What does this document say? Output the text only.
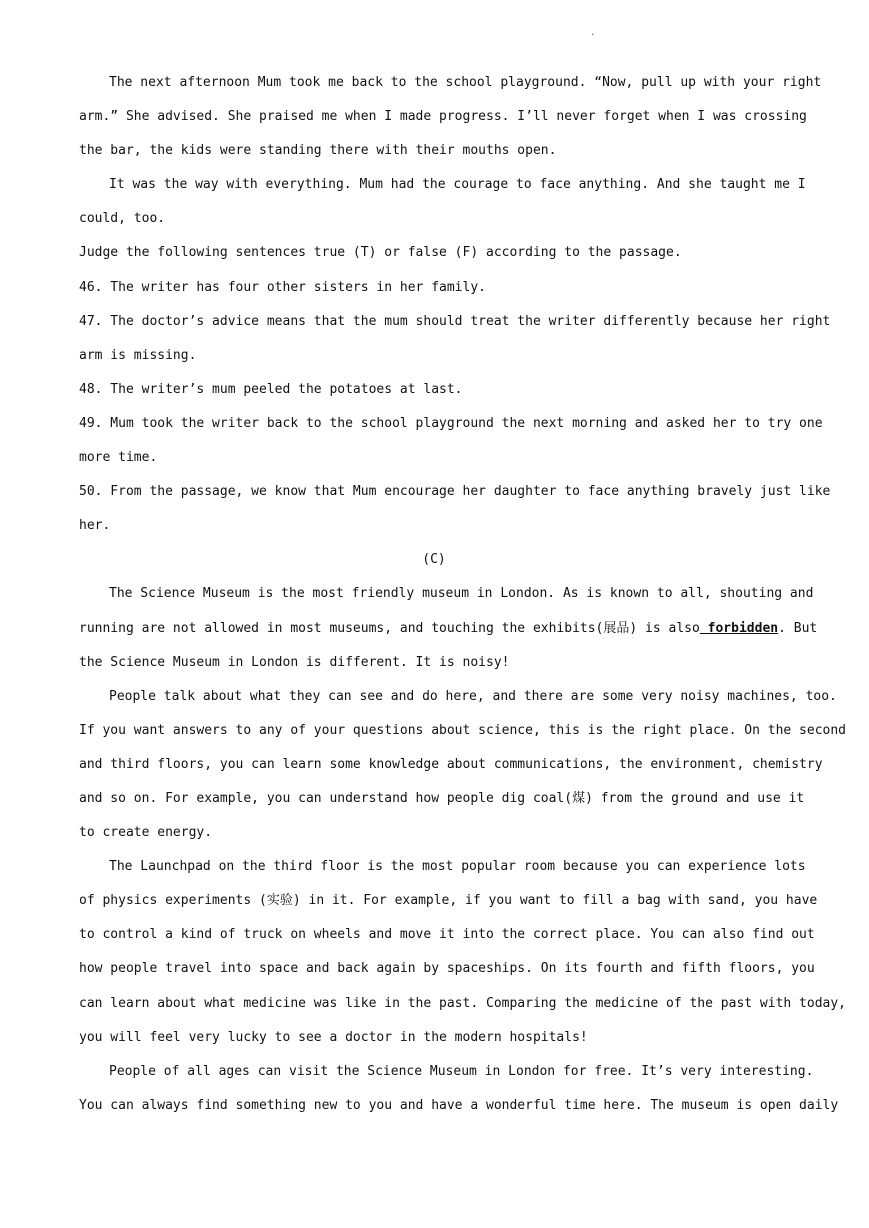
.
The next afternoon Mum took me back to the school playground. “Now, pull up with your right
arm.” She advised. She praised me when I made progress. I’ll never forget when I was crossing
the bar, the kids were standing there with their mouths open.
It was the way with everything. Mum had the courage to face anything. And she taught me I
could, too.
Judge the following sentences true (T) or false (F) according to the passage.
46. The writer has four other sisters in her family.
47. The doctor’s advice means that the mum should treat the writer differently because her right
arm is missing.
48. The writer’s mum peeled the potatoes at last.
49. Mum took the writer back to the school playground the next morning and asked her to try one
more time.
50. From the passage, we know that Mum encourage her daughter to face anything bravely just like
her.
(C)
The Science Museum is the most friendly museum in London. As is known to all, shouting and
running are not allowed in most museums, and touching the exhibits(展品) is also forbidden. But
the Science Museum in London is different. It is noisy!
People talk about what they can see and do here, and there are some very noisy machines, too.
If you want answers to any of your questions about science, this is the right place. On the second
and third floors, you can learn some knowledge about communications, the environment, chemistry
and so on. For example, you can understand how people dig coal(煤) from the ground and use it
to create energy.
The Launchpad on the third floor is the most popular room because you can experience lots
of physics experiments (实验) in it. For example, if you want to fill a bag with sand, you have
to control a kind of truck on wheels and move it into the correct place. You can also find out
how people travel into space and back again by spaceships. On its fourth and fifth floors, you
can learn about what medicine was like in the past. Comparing the medicine of the past with today,
you will feel very lucky to see a doctor in the modern hospitals!
People of all ages can visit the Science Museum in London for free. It’s very interesting.
You can always find something new to you and have a wonderful time here. The museum is open daily
